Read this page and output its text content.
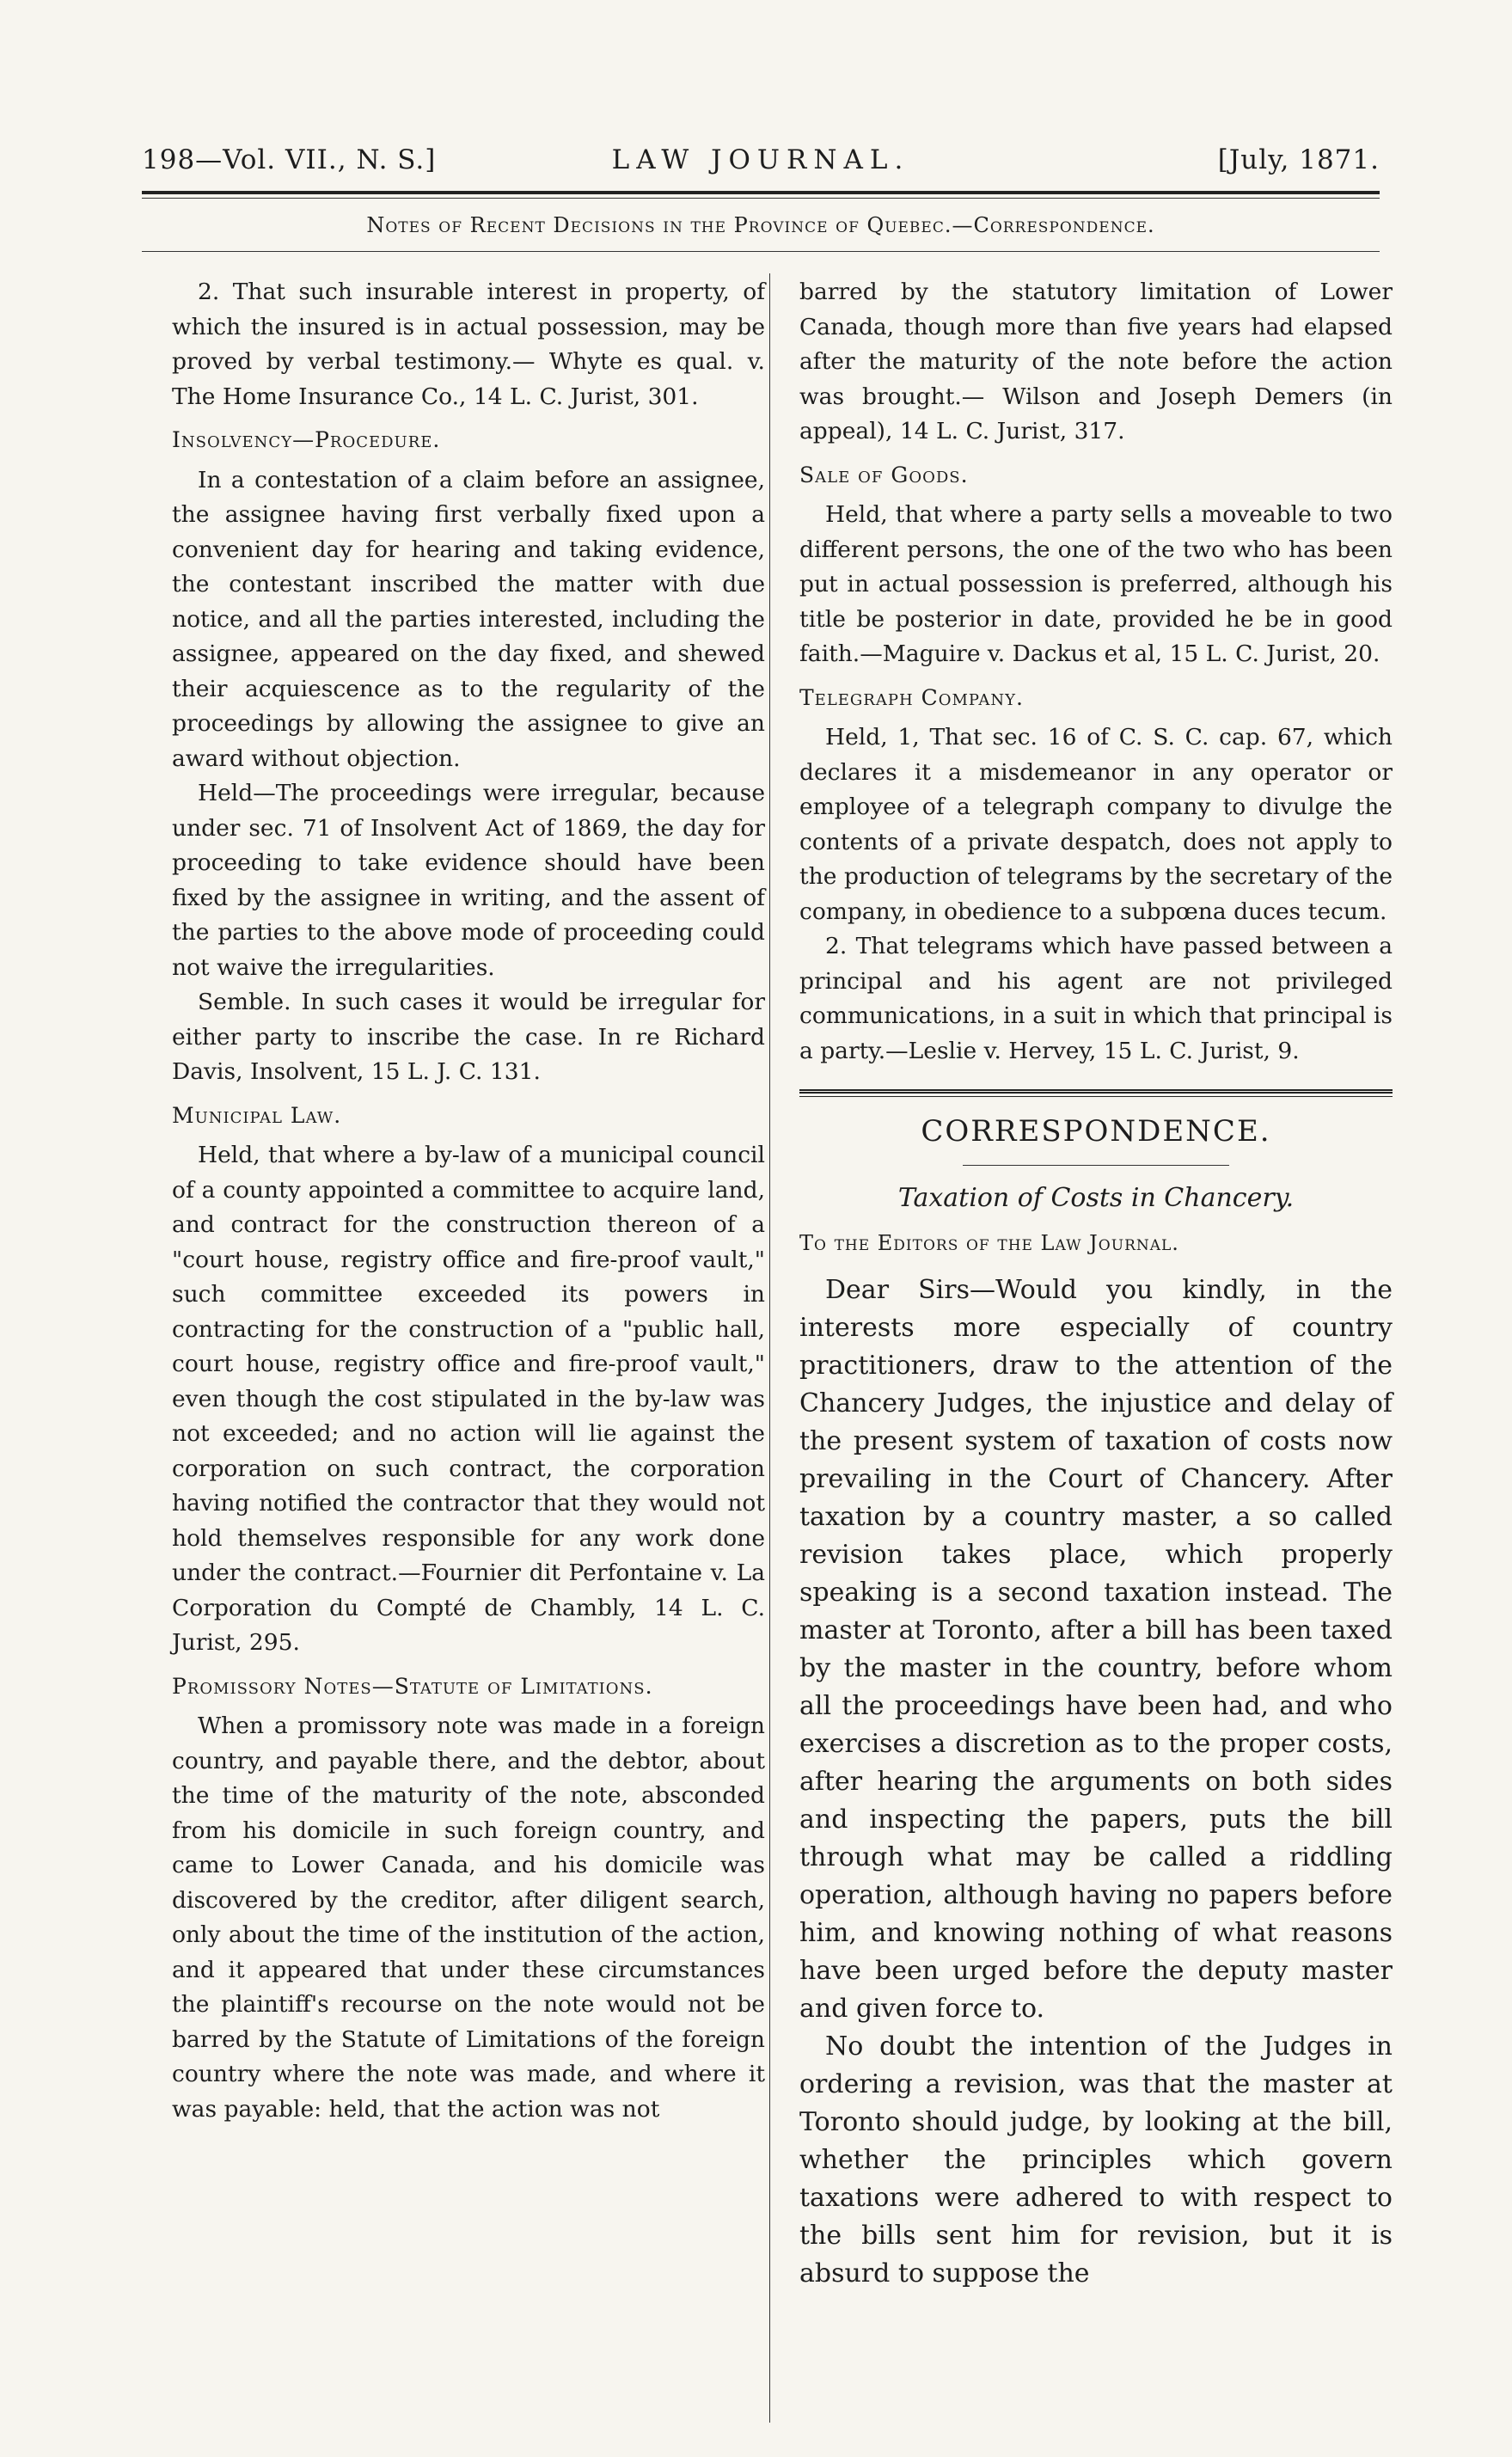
198—Vol. VII., N. S.]	LAW JOURNAL.	[July, 1871.
Notes of Recent Decisions in the Province of Quebec.—Correspondence.

2. That such insurable interest in property, of which the insured is in actual possession, may be proved by verbal testimony.— Whyte es qual. v. The Home Insurance Co., 14 L. C. Jurist, 301.

Insolvency—Procedure.

In a contestation of a claim before an assignee, the assignee having first verbally fixed upon a convenient day for hearing and taking evidence, the contestant inscribed the matter with due notice, and all the parties interested, including the assignee, appeared on the day fixed, and shewed their acquiescence as to the regularity of the proceedings by allowing the assignee to give an award without objection.

Held—The proceedings were irregular, because under sec. 71 of Insolvent Act of 1869, the day for proceeding to take evidence should have been fixed by the assignee in writing, and the assent of the parties to the above mode of proceeding could not waive the irregularities.

Semble. In such cases it would be irregular for either party to inscribe the case. In re Richard Davis, Insolvent, 15 L. J. C. 131.

Municipal Law.

Held, that where a by-law of a municipal council of a county appointed a committee to acquire land, and contract for the construction thereon of a "court house, registry office and fire-proof vault," such committee exceeded its powers in contracting for the construction of a "public hall, court house, registry office and fire-proof vault," even though the cost stipulated in the by-law was not exceeded; and no action will lie against the corporation on such contract, the corporation having notified the contractor that they would not hold themselves responsible for any work done under the contract.—Fournier dit Perfontaine v. La Corporation du Compté de Chambly, 14 L. C. Jurist, 295.

Promissory Notes—Statute of Limitations.

When a promissory note was made in a foreign country, and payable there, and the debtor, about the time of the maturity of the note, absconded from his domicile in such foreign country, and came to Lower Canada, and his domicile was discovered by the creditor, after diligent search, only about the time of the institution of the action, and it appeared that under these circumstances the plaintiff's recourse on the note would not be barred by the Statute of Limitations of the foreign country where the note was made, and where it was payable: held, that the action was not

barred by the statutory limitation of Lower Canada, though more than five years had elapsed after the maturity of the note before the action was brought.— Wilson and Joseph Demers (in appeal), 14 L. C. Jurist, 317.

Sale of Goods.

Held, that where a party sells a moveable to two different persons, the one of the two who has been put in actual possession is preferred, although his title be posterior in date, provided he be in good faith.—Maguire v. Dackus et al, 15 L. C. Jurist, 20.

Telegraph Company.

Held, 1, That sec. 16 of C. S. C. cap. 67, which declares it a misdemeanor in any operator or employee of a telegraph company to divulge the contents of a private despatch, does not apply to the production of telegrams by the secretary of the company, in obedience to a subpœna duces tecum.

2. That telegrams which have passed between a principal and his agent are not privileged communications, in a suit in which that principal is a party.—Leslie v. Hervey, 15 L. C. Jurist, 9.

CORRESPONDENCE.
Taxation of Costs in Chancery.
To the Editors of the Law Journal.

Dear Sirs—Would you kindly, in the interests more especially of country practitioners, draw to the attention of the Chancery Judges, the injustice and delay of the present system of taxation of costs now prevailing in the Court of Chancery. After taxation by a country master, a so called revision takes place, which properly speaking is a second taxation instead. The master at Toronto, after a bill has been taxed by the master in the country, before whom all the proceedings have been had, and who exercises a discretion as to the proper costs, after hearing the arguments on both sides and inspecting the papers, puts the bill through what may be called a riddling operation, although having no papers before him, and knowing nothing of what reasons have been urged before the deputy master and given force to.

No doubt the intention of the Judges in ordering a revision, was that the master at Toronto should judge, by looking at the bill, whether the principles which govern taxations were adhered to with respect to the bills sent him for revision, but it is absurd to suppose the
